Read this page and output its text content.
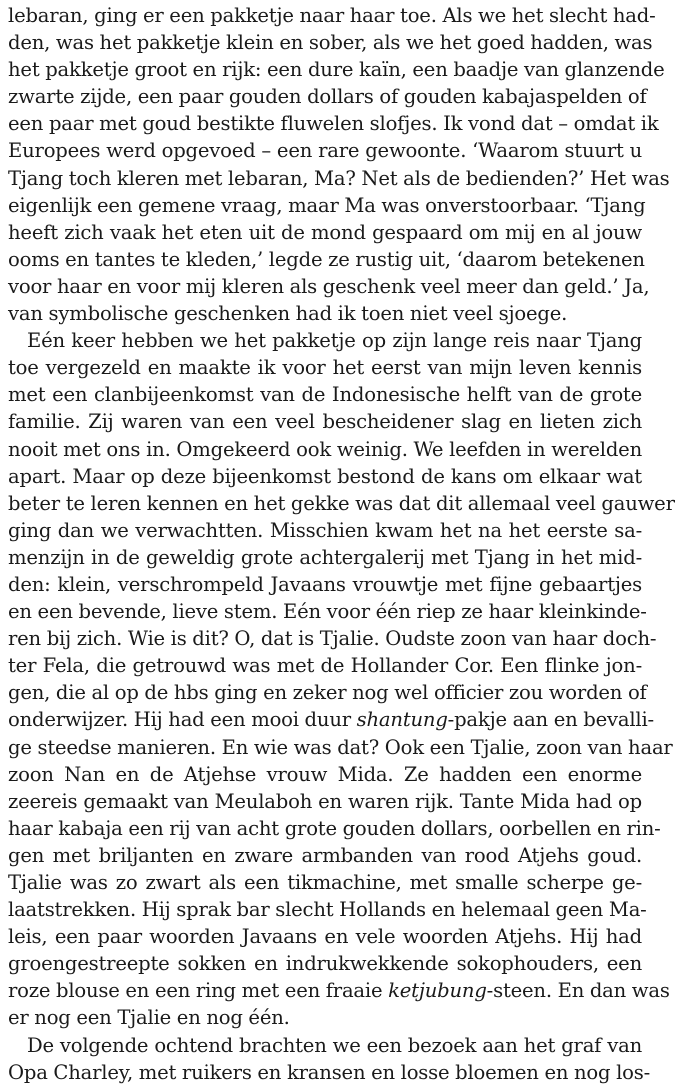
lebaran, ging er een pakketje naar haar toe. Als we het slecht had-
den, was het pakketje klein en sober, als we het goed hadden, was
het pakketje groot en rijk: een dure kaïn, een baadje van glanzende
zwarte zijde, een paar gouden dollars of gouden kabajaspelden of
een paar met goud bestikte fluwelen slofjes. Ik vond dat – omdat ik
Europees werd opgevoed – een rare gewoonte. ‘Waarom stuurt u
Tjang toch kleren met lebaran, Ma? Net als de bedienden?’ Het was
eigenlijk een gemene vraag, maar Ma was onverstoorbaar. ‘Tjang
heeft zich vaak het eten uit de mond gespaard om mij en al jouw
ooms en tantes te kleden,’ legde ze rustig uit, ‘daarom betekenen
voor haar en voor mij kleren als geschenk veel meer dan geld.’ Ja,
van symbolische geschenken had ik toen niet veel sjoege.
Eén keer hebben we het pakketje op zijn lange reis naar Tjang
toe vergezeld en maakte ik voor het eerst van mijn leven kennis
met een clanbijeenkomst van de Indonesische helft van de grote
familie. Zij waren van een veel bescheidener slag en lieten zich
nooit met ons in. Omgekeerd ook weinig. We leefden in werelden
apart. Maar op deze bijeenkomst bestond de kans om elkaar wat
beter te leren kennen en het gekke was dat dit allemaal veel gauwer
ging dan we verwachtten. Misschien kwam het na het eerste sa-
menzijn in de geweldig grote achtergalerij met Tjang in het mid-
den: klein, verschrompeld Javaans vrouwtje met fijne gebaartjes
en een bevende, lieve stem. Eén voor één riep ze haar kleinkinde-
ren bij zich. Wie is dit? O, dat is Tjalie. Oudste zoon van haar doch-
ter Fela, die getrouwd was met de Hollander Cor. Een flinke jon-
gen, die al op de hbs ging en zeker nog wel officier zou worden of
onderwijzer. Hij had een mooi duur shantung-pakje aan en bevalli-
ge steedse manieren. En wie was dat? Ook een Tjalie, zoon van haar
zoon Nan en de Atjehse vrouw Mida. Ze hadden een enorme
zeereis gemaakt van Meulaboh en waren rijk. Tante Mida had op
haar kabaja een rij van acht grote gouden dollars, oorbellen en rin-
gen met briljanten en zware armbanden van rood Atjehs goud.
Tjalie was zo zwart als een tikmachine, met smalle scherpe ge-
laatstrekken. Hij sprak bar slecht Hollands en helemaal geen Ma-
leis, een paar woorden Javaans en vele woorden Atjehs. Hij had
groengestreepte sokken en indrukwekkende sokophouders, een
roze blouse en een ring met een fraaie ketjubung-steen. En dan was
er nog een Tjalie en nog één.
De volgende ochtend brachten we een bezoek aan het graf van
Opa Charley, met ruikers en kransen en losse bloemen en nog los-
